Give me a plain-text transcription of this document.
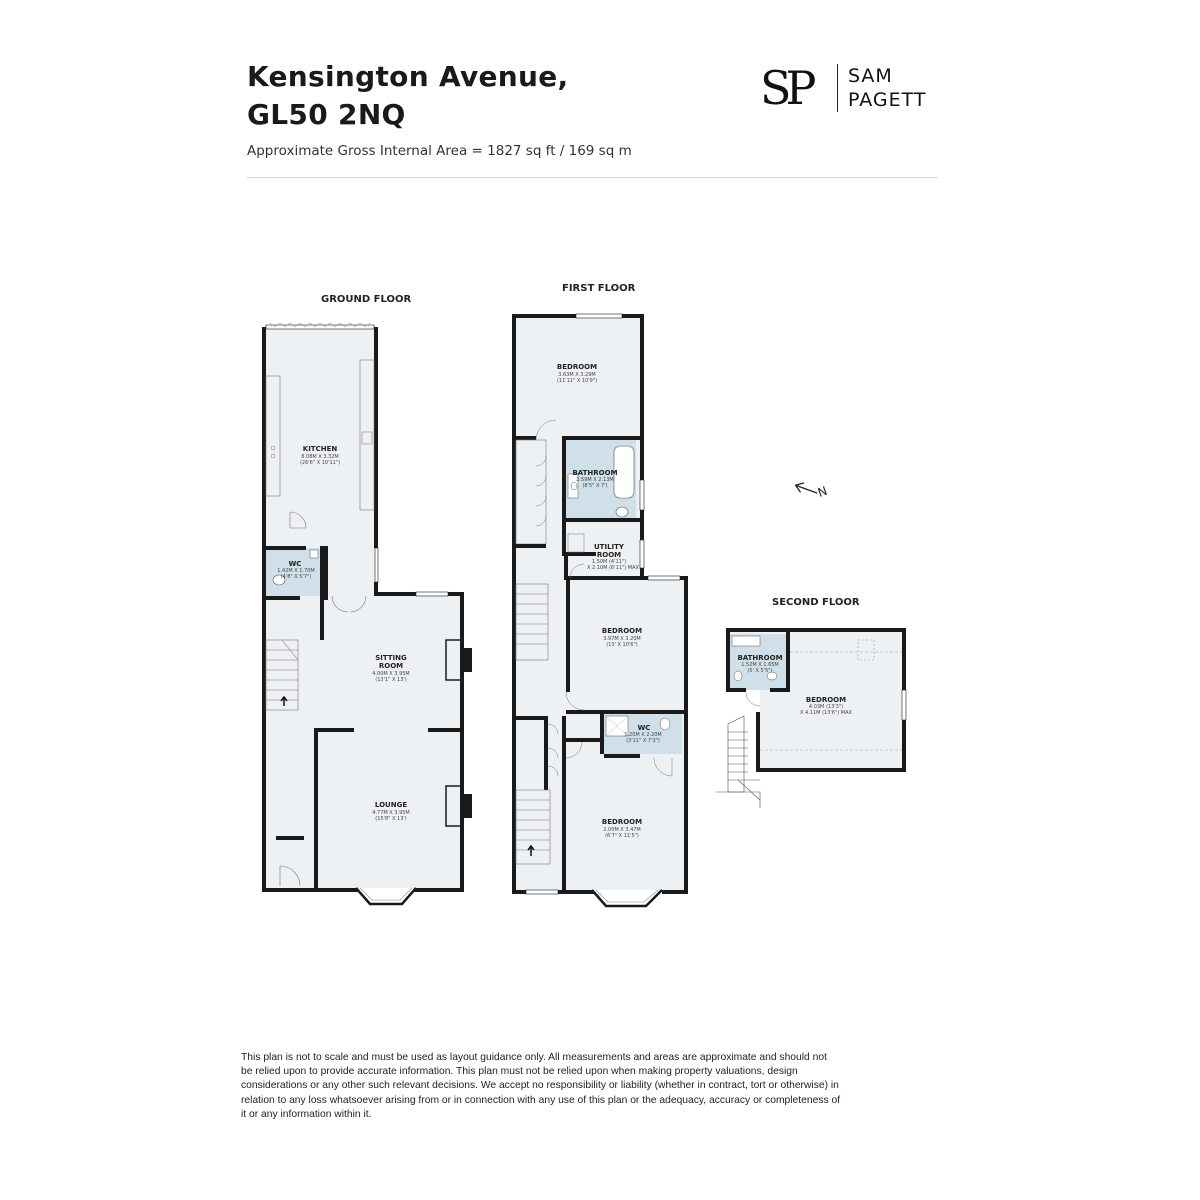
Kensington Avenue,
GL50 2NQ
Approximate Gross Internal Area = 1827 sq ft / 169 sq m
SP SAM
PAGETT
GROUND FLOOR
KITCHEN
8.08M X 3.32M
(26'6" X 10'11")
WC
1.42M X 1.70M
(4'8" X 5'7")
SITTING
ROOM
4.00M X 3.95M
(13'1" X 13')
LOUNGE
4.77M X 3.95M
(15'8" X 13')
FIRST FLOOR
BEDROOM
3.63M X 3.29M
(11'11" X 10'9")
BATHROOM
2.59M X 2.13M
(8'5" X 7')
UTILITY
ROOM
1.50M (4'11")
X 2.10M (6'11") MAX
BEDROOM
3.97M X 3.20M
(13' X 10'6")
WC
1.20M X 2.20M
(3'11" X 7'3")
BEDROOM
2.00M X 3.47M
(6'7" X 11'5")
N
SECOND FLOOR
BATHROOM
1.52M X 1.65M
(5' X 5'5")
BEDROOM
4.03M (13'3")
X 4.11M (13'6") MAX
This plan is not to scale and must be used as layout guidance only. All measurements and areas are approximate and should not be relied upon to provide accurate information. This plan must not be relied upon when making property valuations, design considerations or any other such relevant decisions. We accept no responsibility or liability (whether in contract, tort or otherwise) in relation to any loss whatsoever arising from or in connection with any use of this plan or the adequacy, accuracy or completeness of it or any information within it.
